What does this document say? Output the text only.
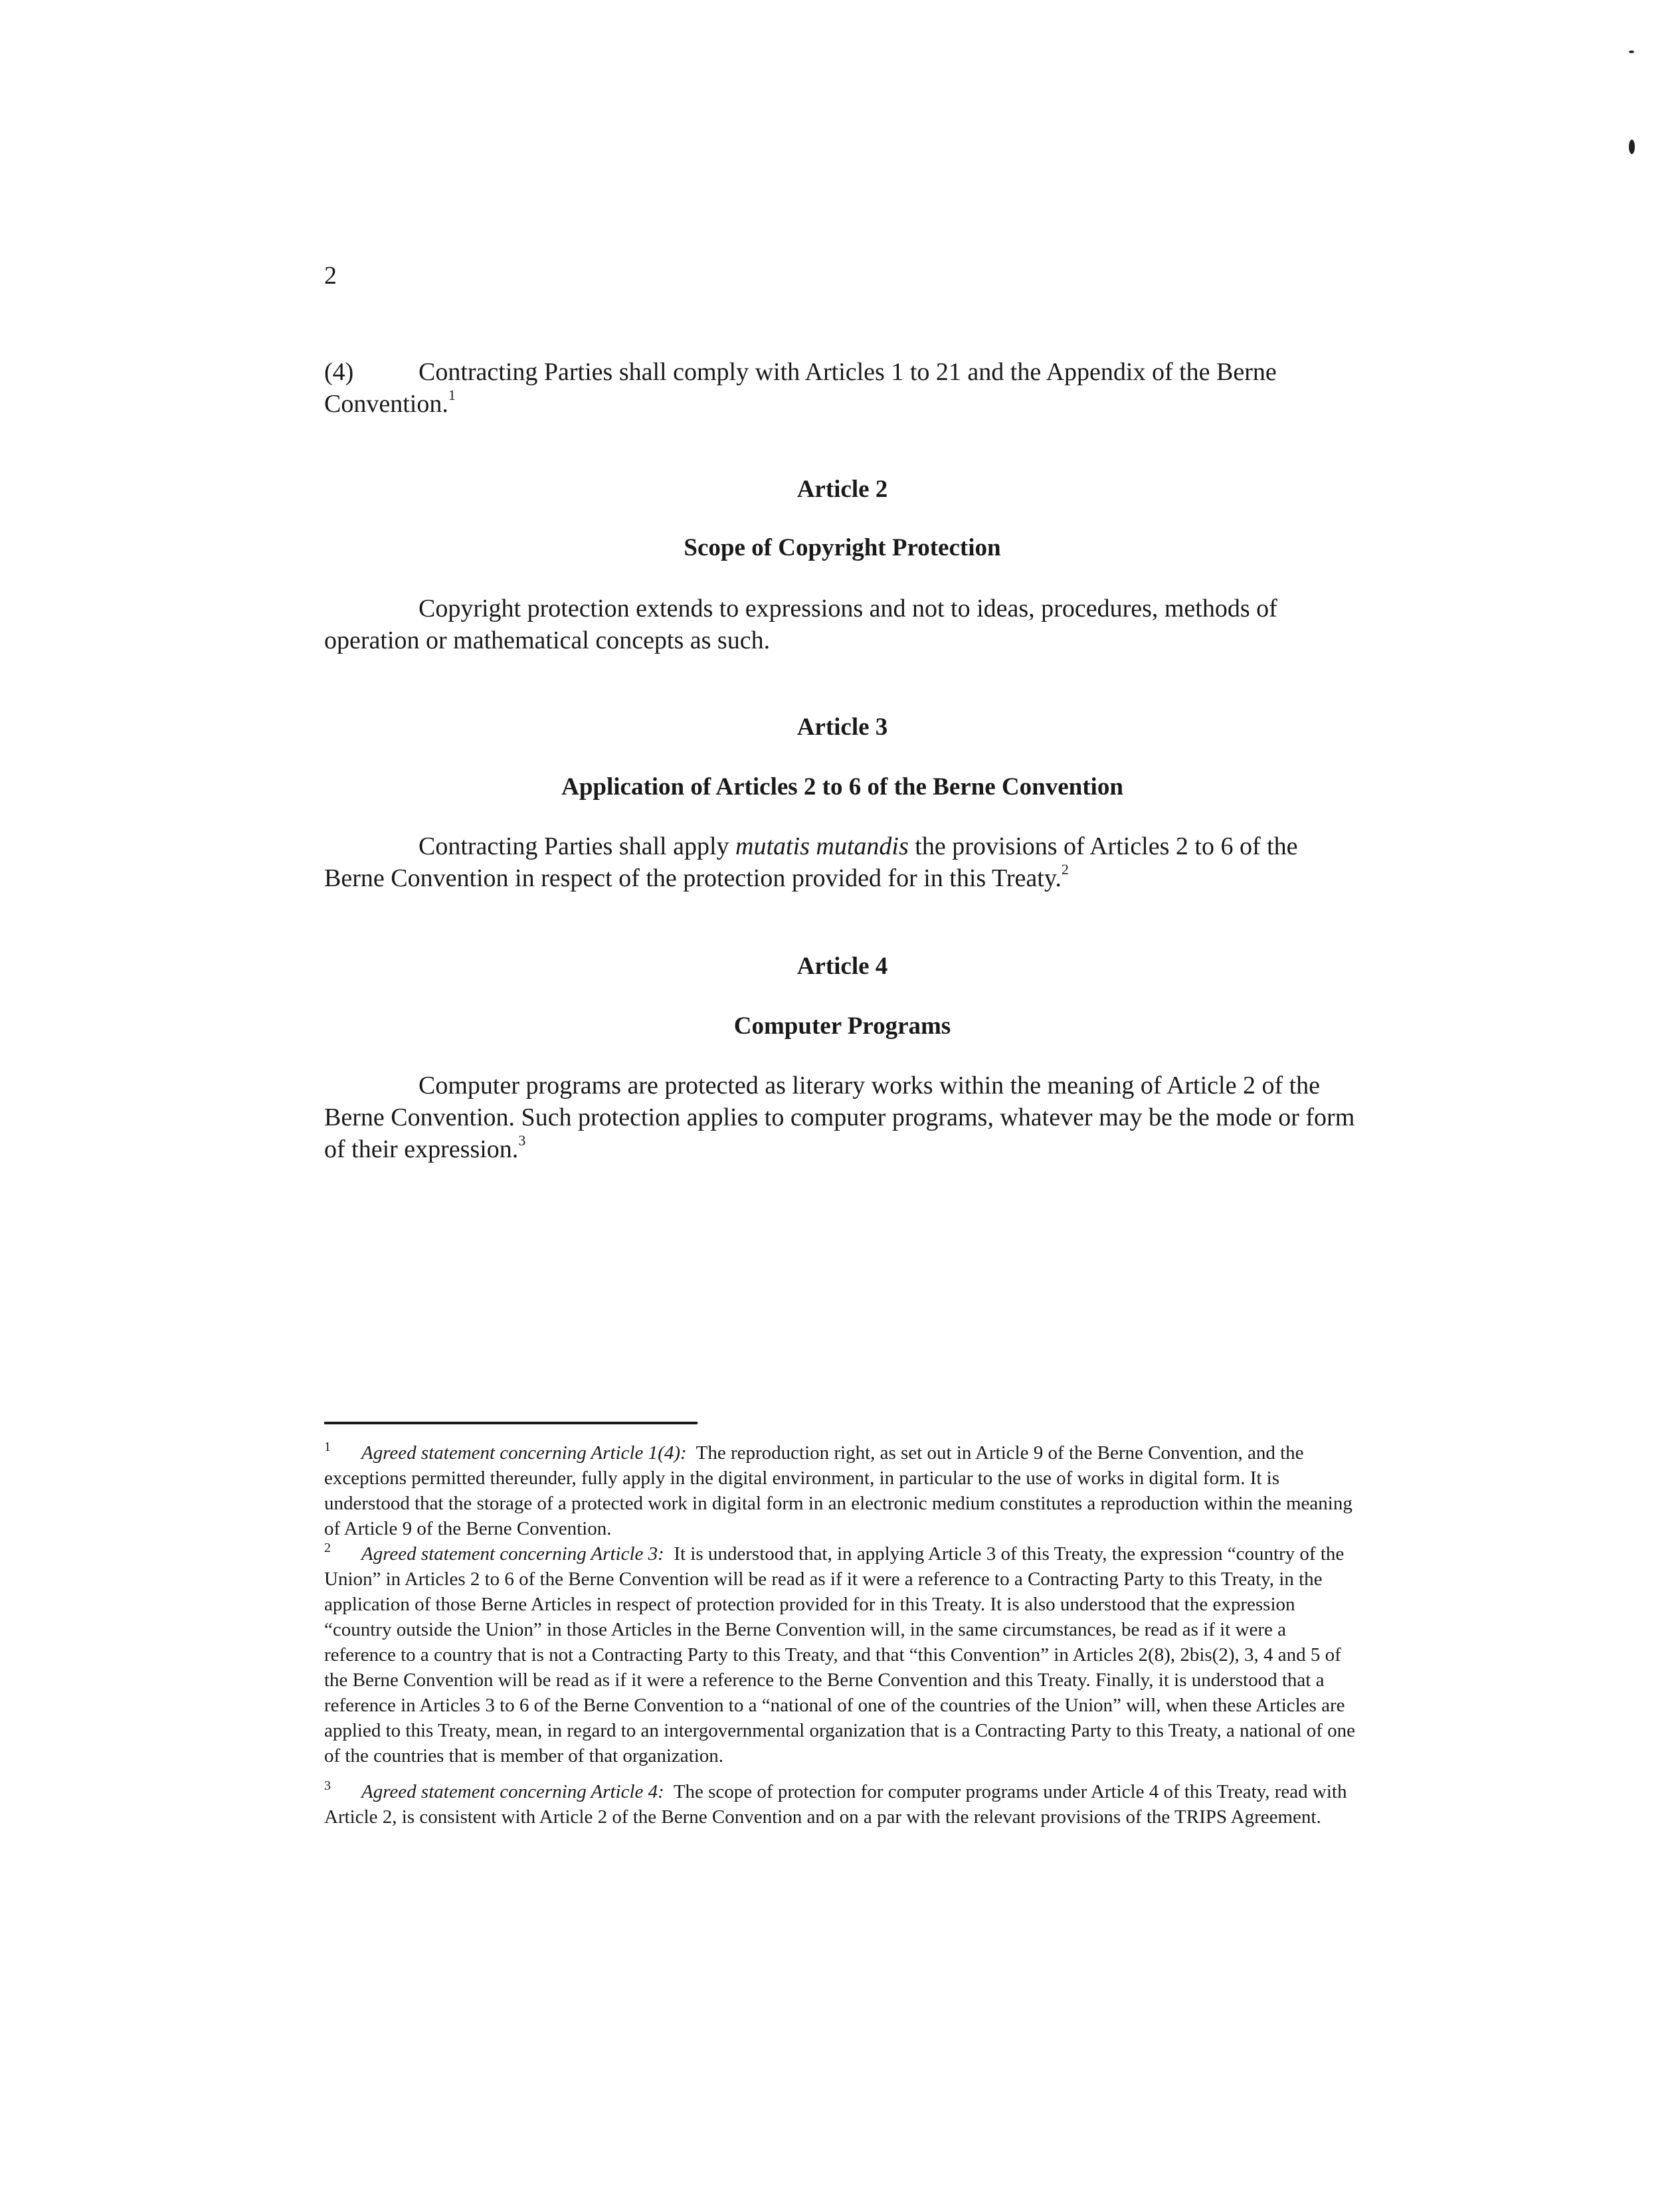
2

(4)	Contracting Parties shall comply with Articles 1 to 21 and the Appendix of the Berne Convention.$^1$

Article 2
Scope of Copyright Protection

Copyright protection extends to expressions and not to ideas, procedures, methods of operation or mathematical concepts as such.

Article 3
Application of Articles 2 to 6 of the Berne Convention

Contracting Parties shall apply mutatis mutandis the provisions of Articles 2 to 6 of the Berne Convention in respect of the protection provided for in this Treaty.$^2$

Article 4
Computer Programs

Computer programs are protected as literary works within the meaning of Article 2 of the Berne Convention. Such protection applies to computer programs, whatever may be the mode or form of their expression.$^3$

1 Agreed statement concerning Article 1(4): The reproduction right, as set out in Article 9 of the Berne Convention, and the exceptions permitted thereunder, fully apply in the digital environment, in particular to the use of works in digital form. It is understood that the storage of a protected work in digital form in an electronic medium constitutes a reproduction within the meaning of Article 9 of the Berne Convention.

2 Agreed statement concerning Article 3: It is understood that, in applying Article 3 of this Treaty, the expression “country of the Union” in Articles 2 to 6 of the Berne Convention will be read as if it were a reference to a Contracting Party to this Treaty, in the application of those Berne Articles in respect of protection provided for in this Treaty. It is also understood that the expression “country outside the Union” in those Articles in the Berne Convention will, in the same circumstances, be read as if it were a reference to a country that is not a Contracting Party to this Treaty, and that “this Convention” in Articles 2(8), 2bis(2), 3, 4 and 5 of the Berne Convention will be read as if it were a reference to the Berne Convention and this Treaty. Finally, it is understood that a reference in Articles 3 to 6 of the Berne Convention to a “national of one of the countries of the Union” will, when these Articles are applied to this Treaty, mean, in regard to an intergovernmental organization that is a Contracting Party to this Treaty, a national of one of the countries that is member of that organization.

3 Agreed statement concerning Article 4: The scope of protection for computer programs under Article 4 of this Treaty, read with Article 2, is consistent with Article 2 of the Berne Convention and on a par with the relevant provisions of the TRIPS Agreement.
